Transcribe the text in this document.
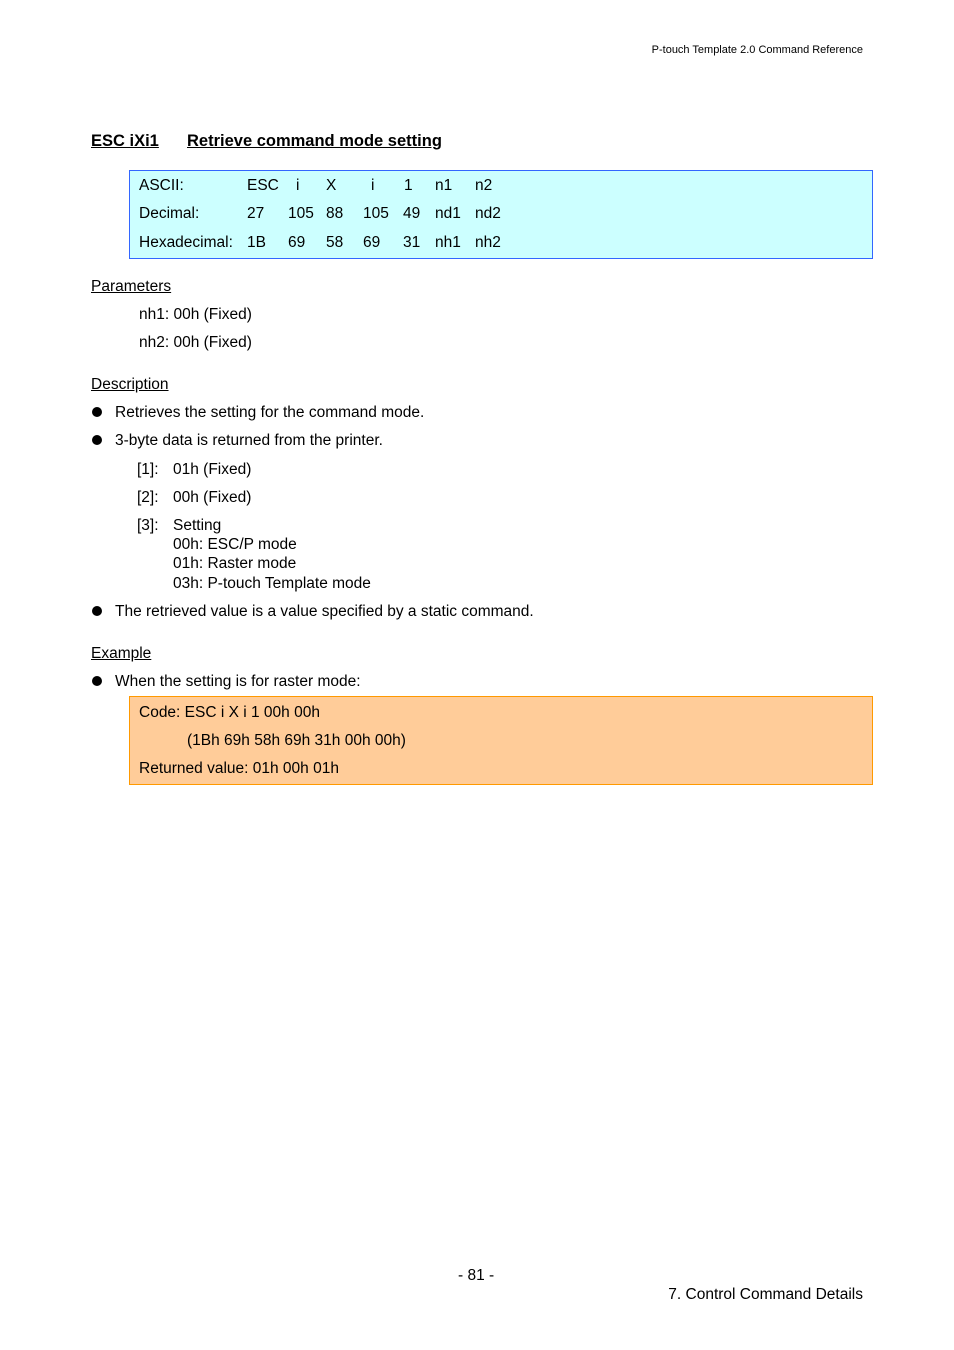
P-touch Template 2.0 Command Reference
ESC iXi1 Retrieve command mode setting
ASCII:	ESC i X i 1 n1 n2
Decimal:	27 105 88 105 49 nd1 nd2
Hexadecimal: 1B 69 58 69 31 nh1 nh2
Parameters
nh1: 00h (Fixed)
nh2: 00h (Fixed)
Description
Retrieves the setting for the command mode.
3-byte data is returned from the printer.
[1]: 01h (Fixed)
[2]: 00h (Fixed)
[3]: Setting
00h: ESC/P mode
01h: Raster mode
03h: P-touch Template mode
The retrieved value is a value specified by a static command.
Example
When the setting is for raster mode:
Code: ESC i X i 1 00h 00h
(1Bh 69h 58h 69h 31h 00h 00h)
Returned value: 01h 00h 01h
- 81 -
7. Control Command Details
